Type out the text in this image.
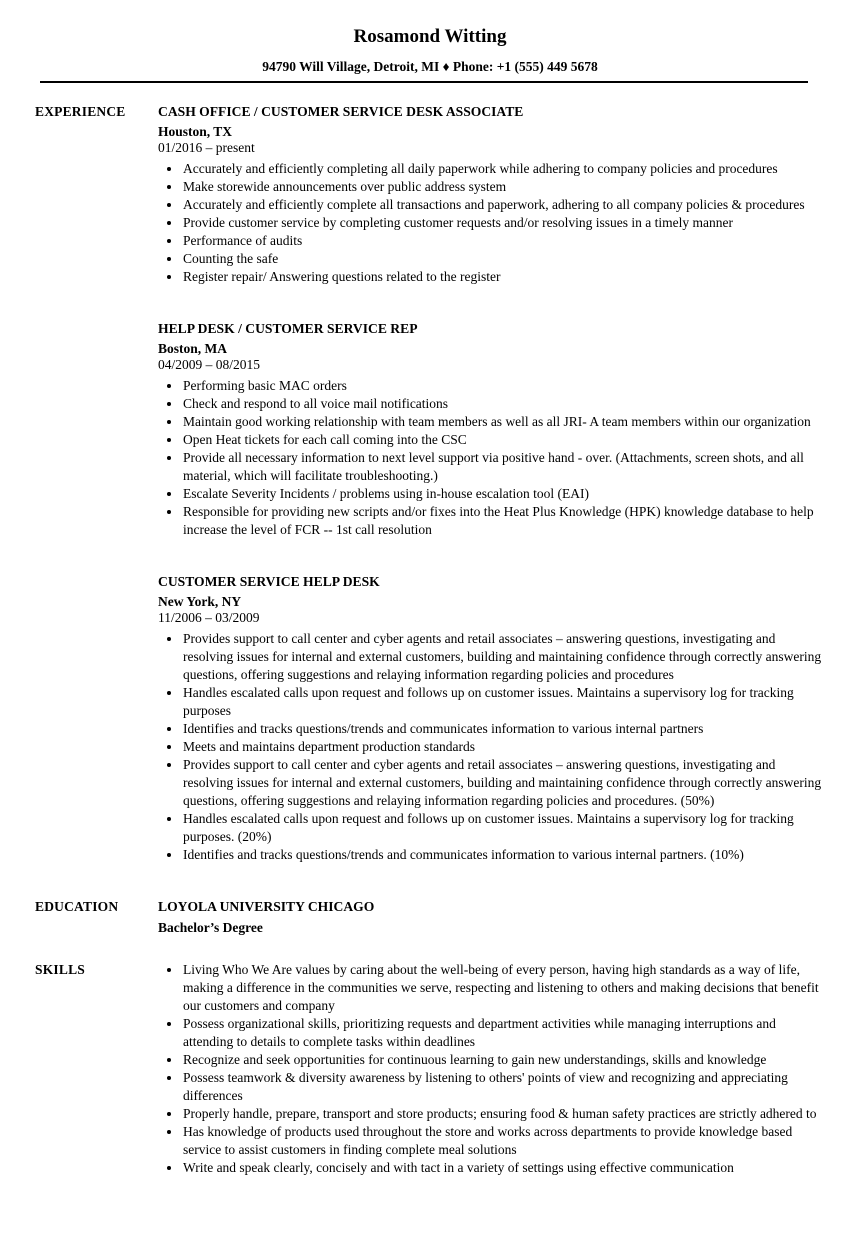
Rosamond Witting
94790 Will Village, Detroit, MI ♦ Phone: +1 (555) 449 5678
EXPERIENCE	CASH OFFICE / CUSTOMER SERVICE DESK ASSOCIATE
Houston, TX
01/2016 – present
• Accurately and efficiently completing all daily paperwork while adhering to company policies and procedures
• Make storewide announcements over public address system
• Accurately and efficiently complete all transactions and paperwork, adhering to all company policies & procedures
• Provide customer service by completing customer requests and/or resolving issues in a timely manner
• Performance of audits
• Counting the safe
• Register repair/ Answering questions related to the register
HELP DESK / CUSTOMER SERVICE REP
Boston, MA
04/2009 – 08/2015
• Performing basic MAC orders
• Check and respond to all voice mail notifications
• Maintain good working relationship with team members as well as all JRI- A team members within our organization
• Open Heat tickets for each call coming into the CSC
• Provide all necessary information to next level support via positive hand - over. (Attachments, screen shots, and all material, which will facilitate troubleshooting.)
• Escalate Severity Incidents / problems using in-house escalation tool (EAI)
• Responsible for providing new scripts and/or fixes into the Heat Plus Knowledge (HPK) knowledge database to help increase the level of FCR -- 1st call resolution
CUSTOMER SERVICE HELP DESK
New York, NY
11/2006 – 03/2009
• Provides support to call center and cyber agents and retail associates – answering questions, investigating and resolving issues for internal and external customers, building and maintaining confidence through correctly answering questions, offering suggestions and relaying information regarding policies and procedures
• Handles escalated calls upon request and follows up on customer issues. Maintains a supervisory log for tracking purposes
• Identifies and tracks questions/trends and communicates information to various internal partners
• Meets and maintains department production standards
• Provides support to call center and cyber agents and retail associates – answering questions, investigating and resolving issues for internal and external customers, building and maintaining confidence through correctly answering questions, offering suggestions and relaying information regarding policies and procedures. (50%)
• Handles escalated calls upon request and follows up on customer issues. Maintains a supervisory log for tracking purposes. (20%)
• Identifies and tracks questions/trends and communicates information to various internal partners. (10%)
EDUCATION	LOYOLA UNIVERSITY CHICAGO
Bachelor’s Degree
SKILLS	• Living Who We Are values by caring about the well-being of every person, having high standards as a way of life, making a difference in the communities we serve, respecting and listening to others and making decisions that benefit our customers and company
• Possess organizational skills, prioritizing requests and department activities while managing interruptions and attending to details to complete tasks within deadlines
• Recognize and seek opportunities for continuous learning to gain new understandings, skills and knowledge
• Possess teamwork & diversity awareness by listening to others' points of view and recognizing and appreciating differences
• Properly handle, prepare, transport and store products; ensuring food & human safety practices are strictly adhered to
• Has knowledge of products used throughout the store and works across departments to provide knowledge based service to assist customers in finding complete meal solutions
• Write and speak clearly, concisely and with tact in a variety of settings using effective communication
